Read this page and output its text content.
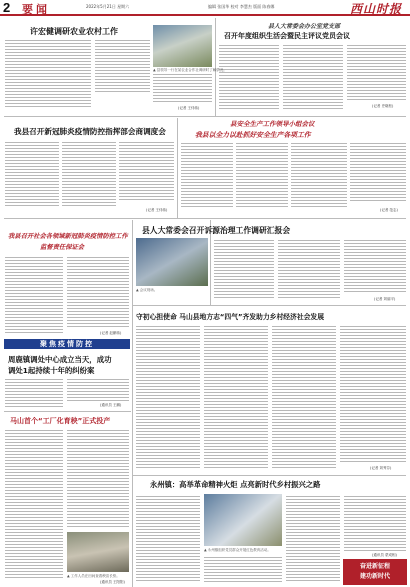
2 要闻	2022年5月21日 星期六	编辑 张国华 校对 李慧杰 版面 陈春娜	西山时报
许宏健调研农业农村工作
(记者 王伟伟)
县人大常委会办公室党支部
召开年度组织生活会暨民主评议党员会议
(记者 史晓松)
我县召开新冠肺炎疫情防控指挥部会商调度会
(记者 王伟伟)
县安全生产工作领导小组会议
我县以全力以赴抓好安全生产各项工作
(记者 范志)
我县召开社会各领域新冠肺炎疫情防控工作
监督责任保证会
(记者 赵鹏伟)
聚焦疫情防控
周鹿镇调处中心成立当天，成功
调处1起持续十年的纠纷案
(通讯员 王鹏)
马山首个“工厂化育秧”正式投产
▲ 工作人员在田间查看秧苗长势。
(通讯员 王阳阳)
县人大常委会召开诉源治理工作调研汇报会
▲ 会议现场。
(记者 刘丽平)
守初心担使命 马山县地方志“四气”齐发助力乡村经济社会发展
(记者 刘秀芬)
永州镇：高举革命精神火炬 点亮新时代乡村振兴之路
▲ 永州镇组织党员群众开展红色教育活动。
(通讯员 蒙成相)
▲ 县领导一行在某农业合作社调研时了解情况。
奋进新征程
建功新时代
